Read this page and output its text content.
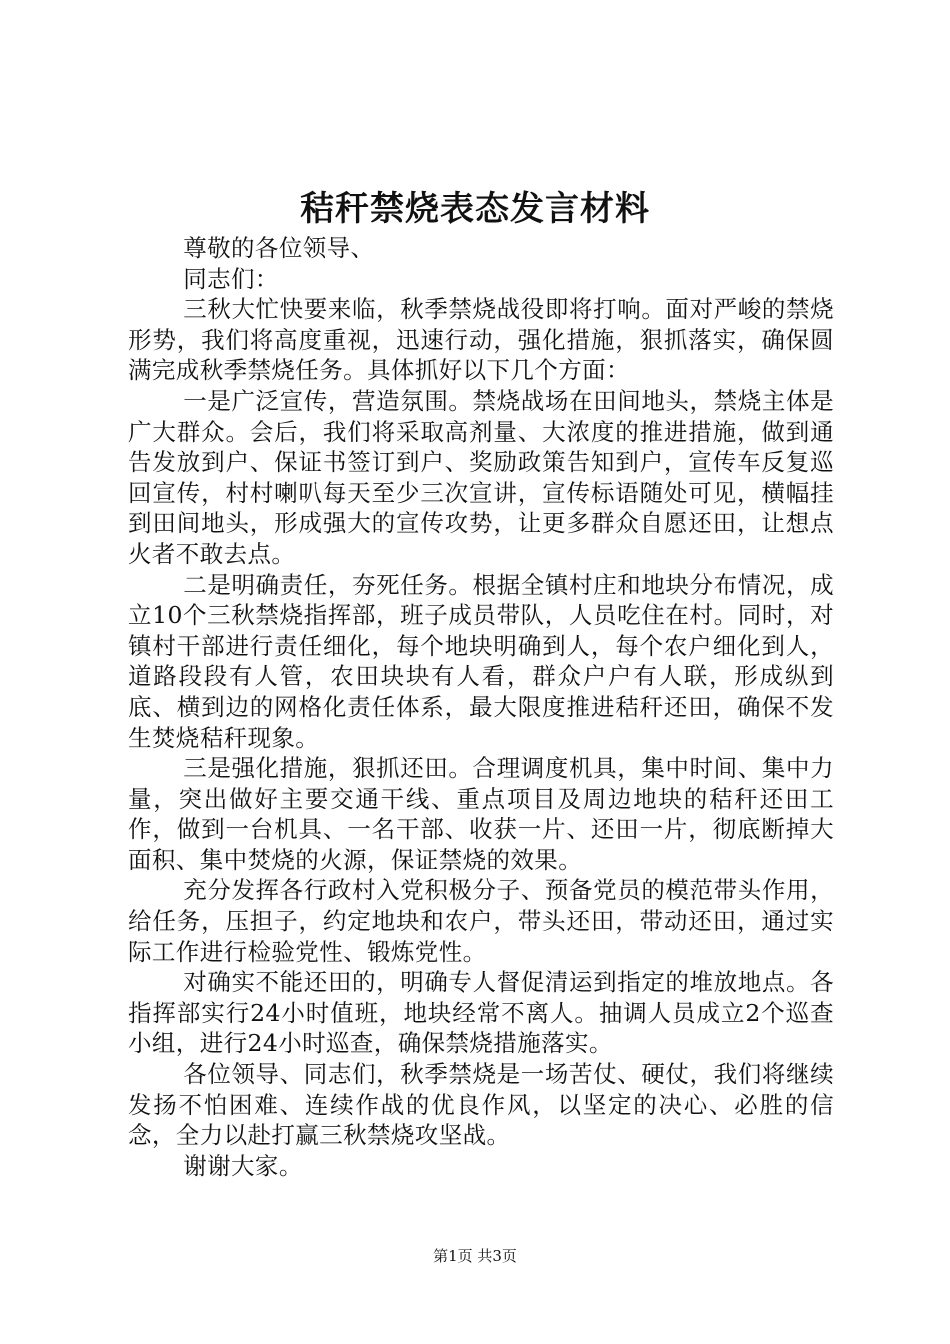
秸秆禁烧表态发言材料

尊敬的各位领导、

同志们：

三秋大忙快要来临，秋季禁烧战役即将打响。面对严峻的禁烧形势，我们将高度重视，迅速行动，强化措施，狠抓落实，确保圆满完成秋季禁烧任务。具体抓好以下几个方面：

一是广泛宣传，营造氛围。禁烧战场在田间地头，禁烧主体是广大群众。会后，我们将采取高剂量、大浓度的推进措施，做到通告发放到户、保证书签订到户、奖励政策告知到户，宣传车反复巡回宣传，村村喇叭每天至少三次宣讲，宣传标语随处可见，横幅挂到田间地头，形成强大的宣传攻势，让更多群众自愿还田，让想点火者不敢去点。

二是明确责任，夯死任务。根据全镇村庄和地块分布情况，成立10个三秋禁烧指挥部，班子成员带队，人员吃住在村。同时，对镇村干部进行责任细化，每个地块明确到人，每个农户细化到人，道路段段有人管，农田块块有人看，群众户户有人联，形成纵到底、横到边的网格化责任体系，最大限度推进秸秆还田，确保不发生焚烧秸秆现象。

三是强化措施，狠抓还田。合理调度机具，集中时间、集中力量，突出做好主要交通干线、重点项目及周边地块的秸秆还田工作，做到一台机具、一名干部、收获一片、还田一片，彻底断掉大面积、集中焚烧的火源，保证禁烧的效果。

充分发挥各行政村入党积极分子、预备党员的模范带头作用，给任务，压担子，约定地块和农户，带头还田，带动还田，通过实际工作进行检验党性、锻炼党性。

对确实不能还田的，明确专人督促清运到指定的堆放地点。各指挥部实行24小时值班，地块经常不离人。抽调人员成立2个巡查小组，进行24小时巡查，确保禁烧措施落实。

各位领导、同志们，秋季禁烧是一场苦仗、硬仗，我们将继续发扬不怕困难、连续作战的优良作风，以坚定的决心、必胜的信念，全力以赴打赢三秋禁烧攻坚战。

谢谢大家。

第1页 共3页
